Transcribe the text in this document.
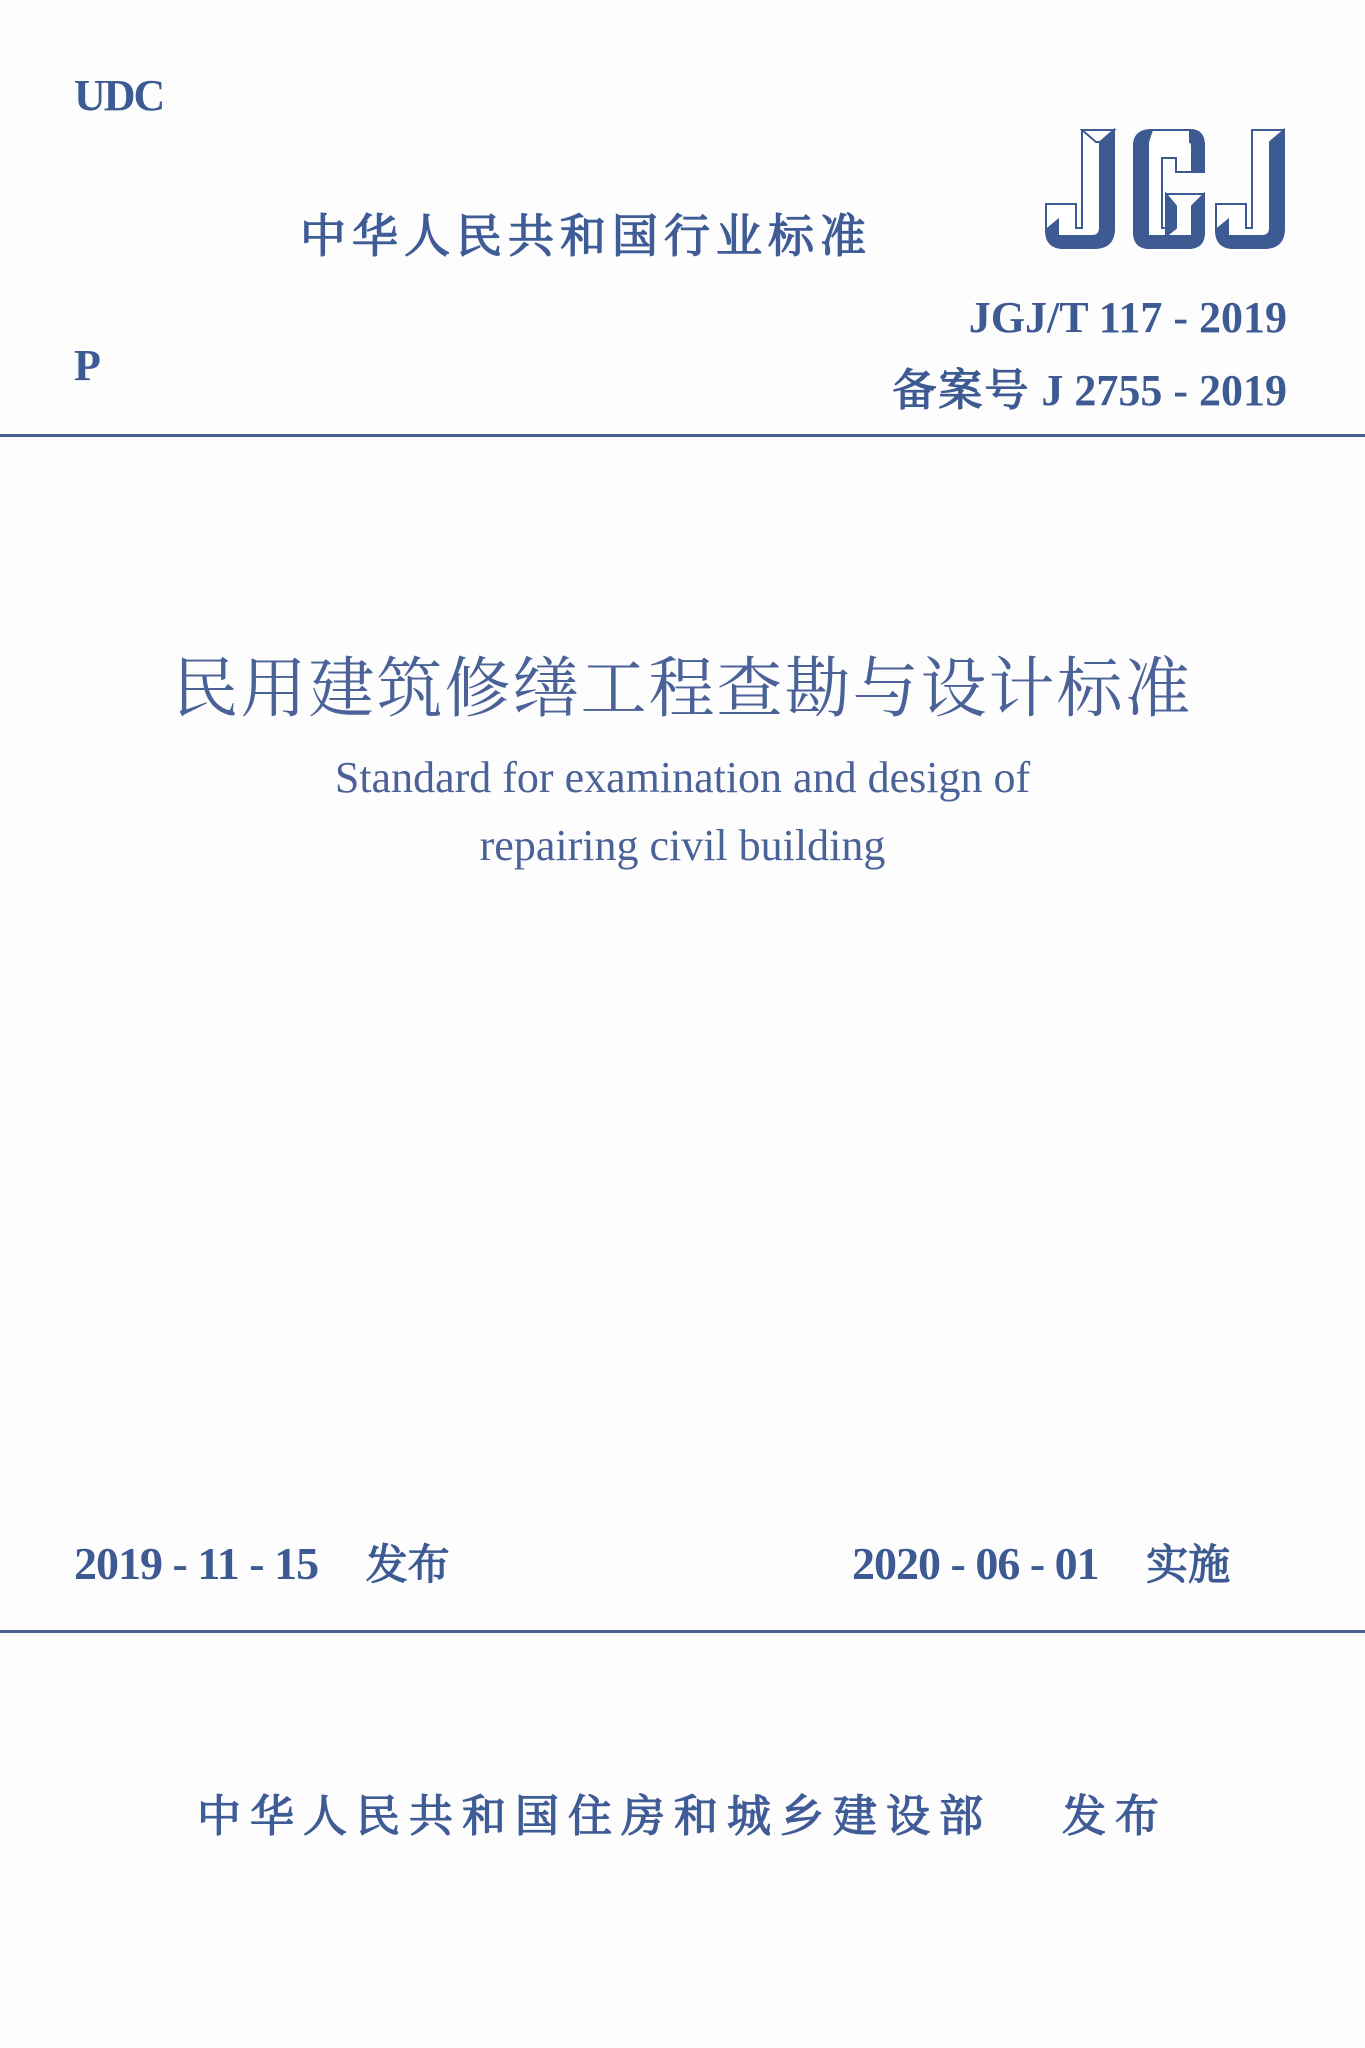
UDC
中华人民共和国行业标准
JGJ/T 117 - 2019
P	备案号 J 2755 - 2019
民用建筑修缮工程查勘与设计标准
Standard for examination and design of
repairing civil building
2019 - 11 - 15 发布	2020 - 06 - 01 实施
中华人民共和国住房和城乡建设部 发布
